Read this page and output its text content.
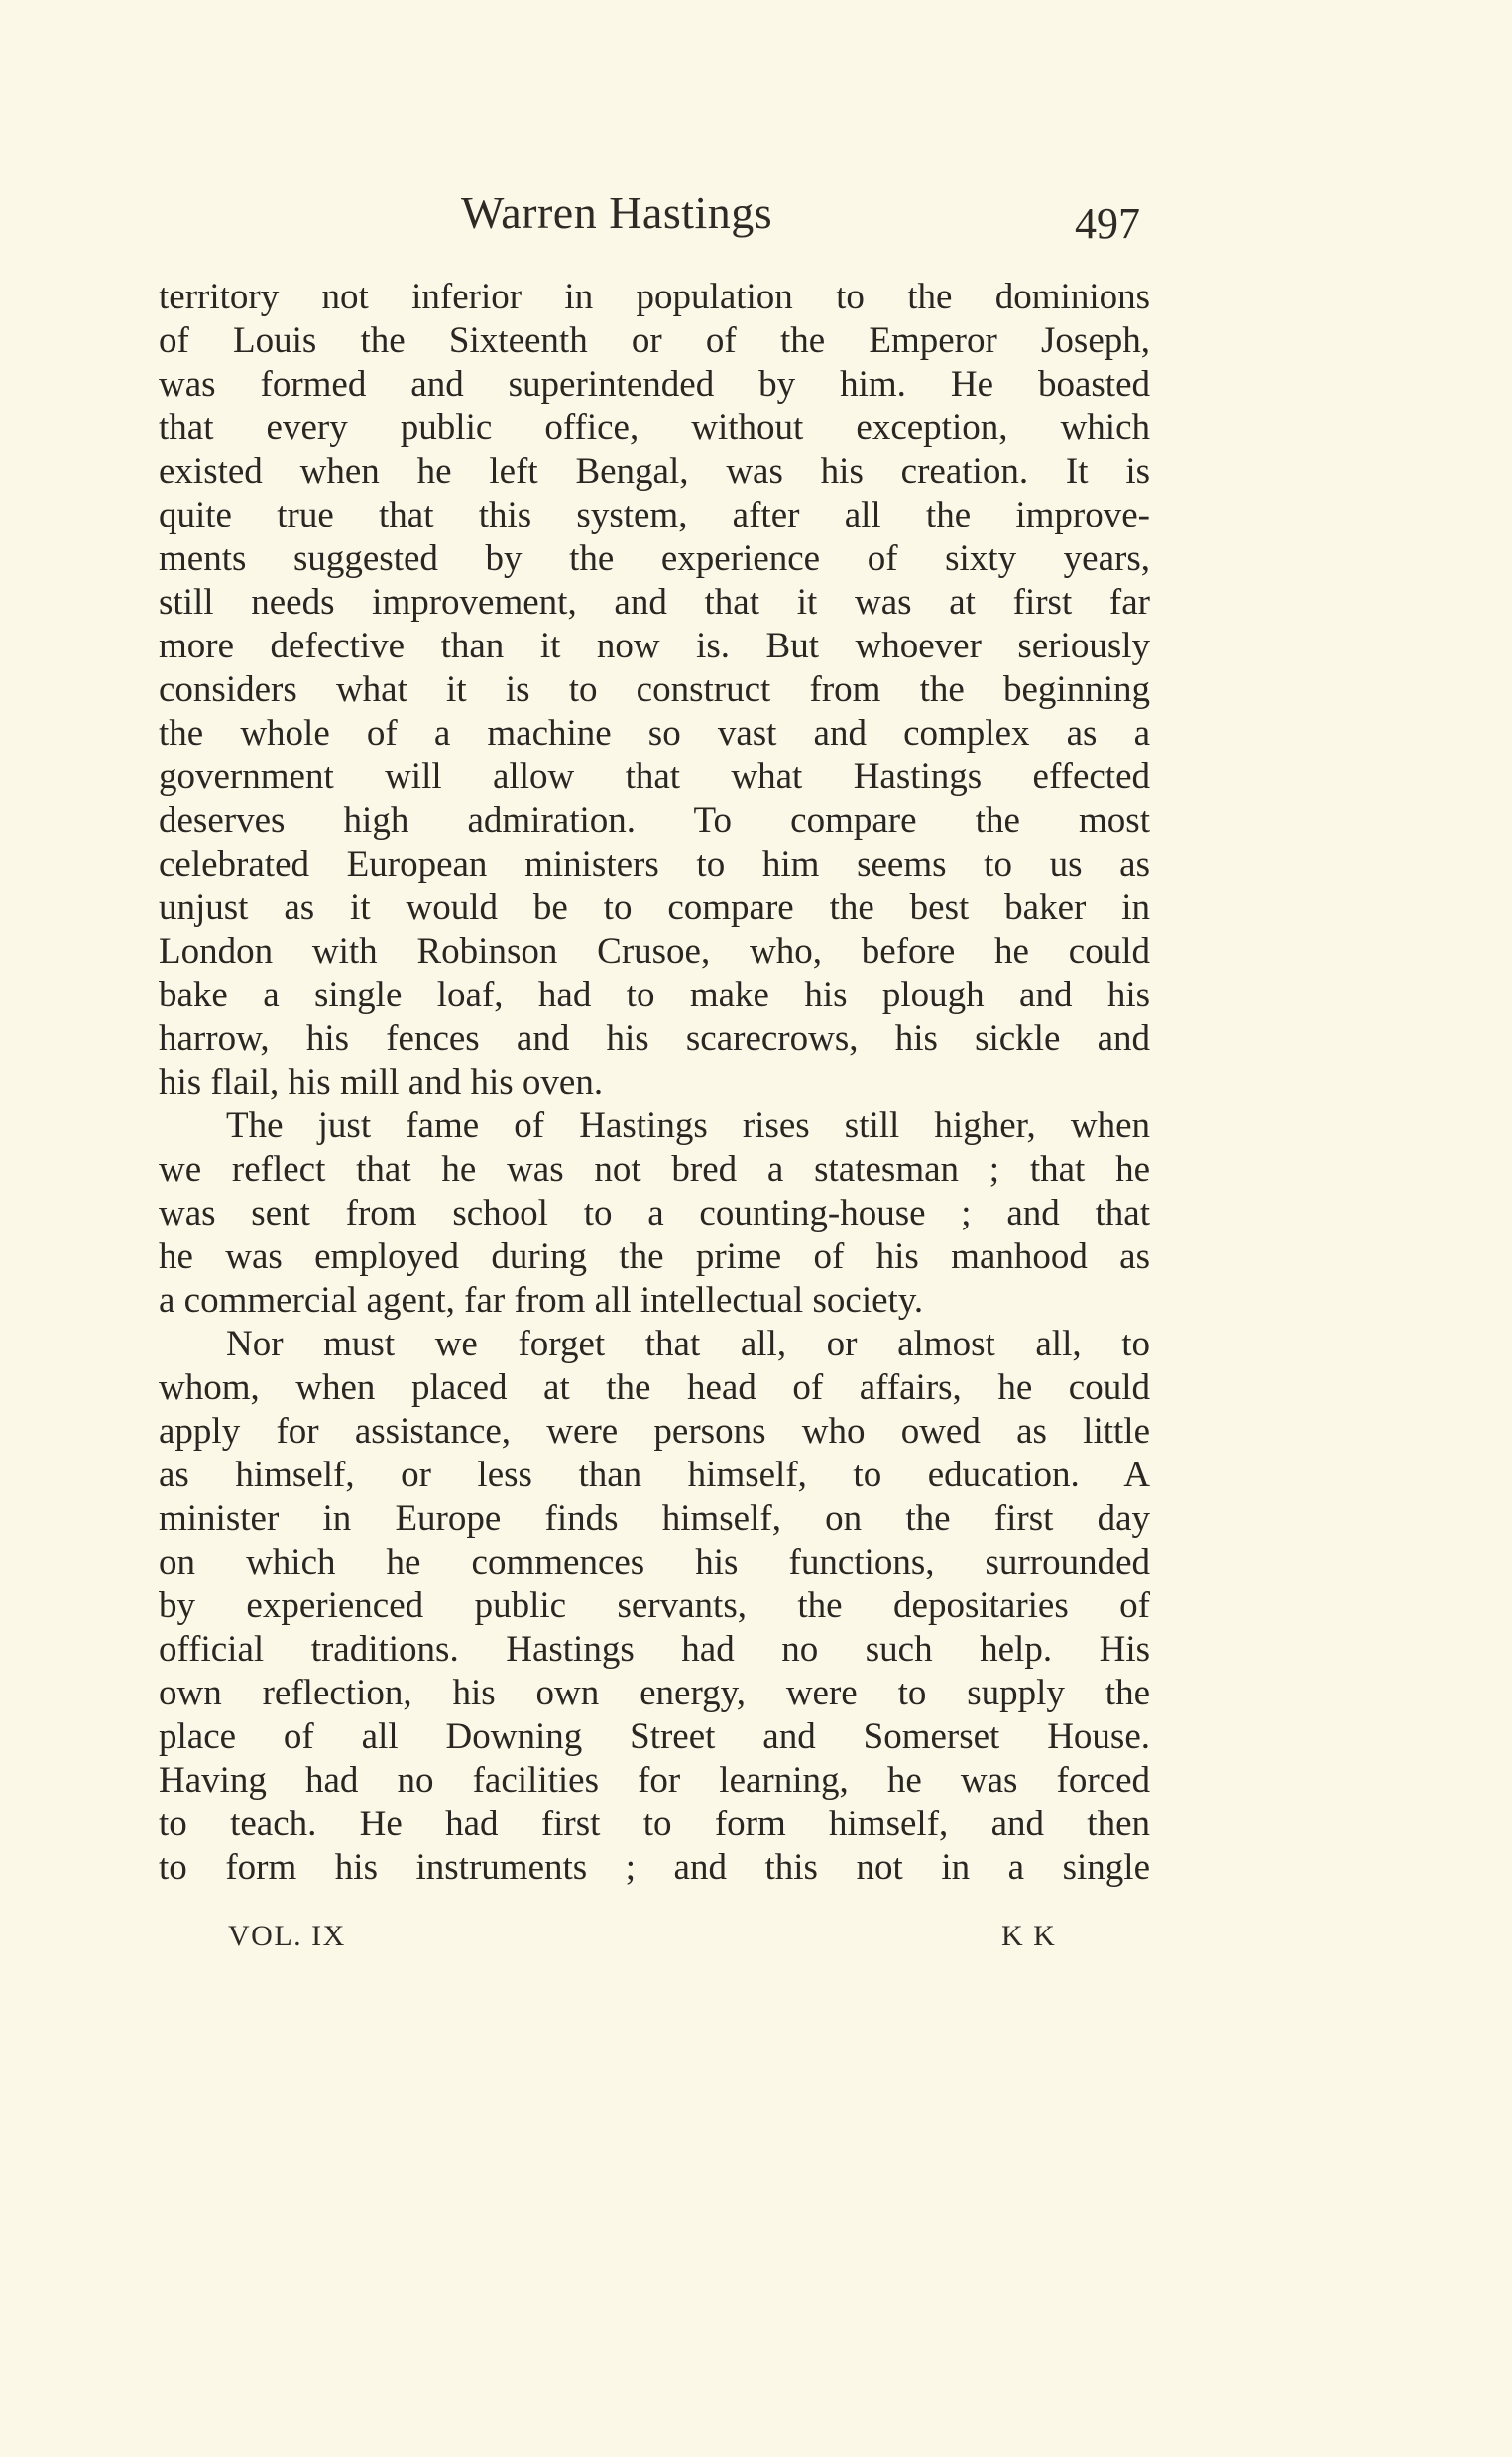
Warren Hastings	497
territory not inferior in population to the dominions
of Louis the Sixteenth or of the Emperor Joseph,
was formed and superintended by him. He boasted
that every public office, without exception, which
existed when he left Bengal, was his creation. It is
quite true that this system, after all the improve-
ments suggested by the experience of sixty years,
still needs improvement, and that it was at first far
more defective than it now is. But whoever seriously
considers what it is to construct from the beginning
the whole of a machine so vast and complex as a
government will allow that what Hastings effected
deserves high admiration. To compare the most
celebrated European ministers to him seems to us as
unjust as it would be to compare the best baker in
London with Robinson Crusoe, who, before he could
bake a single loaf, had to make his plough and his
harrow, his fences and his scarecrows, his sickle and
his flail, his mill and his oven.
The just fame of Hastings rises still higher, when
we reflect that he was not bred a statesman ; that he
was sent from school to a counting-house ; and that
he was employed during the prime of his manhood as
a commercial agent, far from all intellectual society.
Nor must we forget that all, or almost all, to
whom, when placed at the head of affairs, he could
apply for assistance, were persons who owed as little
as himself, or less than himself, to education. A
minister in Europe finds himself, on the first day
on which he commences his functions, surrounded
by experienced public servants, the depositaries of
official traditions. Hastings had no such help. His
own reflection, his own energy, were to supply the
place of all Downing Street and Somerset House.
Having had no facilities for learning, he was forced
to teach. He had first to form himself, and then
to form his instruments ; and this not in a single
VOL. IX	K K
